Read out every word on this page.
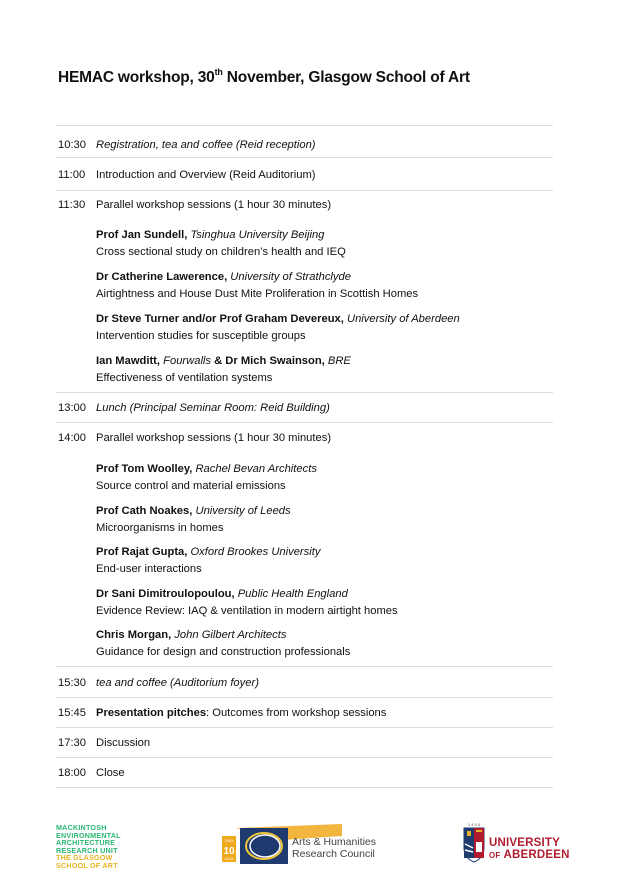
HEMAC workshop, 30th November, Glasgow School of Art
10:30 Registration, tea and coffee (Reid reception)
11:00 Introduction and Overview (Reid Auditorium)
11:30 Parallel workshop sessions (1 hour 30 minutes)
Prof Jan Sundell, Tsinghua University Beijing
Cross sectional study on children’s health and IEQ
Dr Catherine Lawerence, University of Strathclyde
Airtightness and House Dust Mite Proliferation in Scottish Homes
Dr Steve Turner and/or Prof Graham Devereux, University of Aberdeen
Intervention studies for susceptible groups
Ian Mawditt, Fourwalls & Dr Mich Swainson, BRE
Effectiveness of ventilation systems
13:00 Lunch (Principal Seminar Room: Reid Building)
14:00 Parallel workshop sessions (1 hour 30 minutes)
Prof Tom Woolley, Rachel Bevan Architects
Source control and material emissions
Prof Cath Noakes, University of Leeds
Microorganisms in homes
Prof Rajat Gupta, Oxford Brookes University
End-user interactions
Dr Sani Dimitroulopoulou, Public Health England
Evidence Review: IAQ & ventilation in modern airtight homes
Chris Morgan, John Gilbert Architects
Guidance for design and construction professionals
15:30 tea and coffee (Auditorium foyer)
15:45 Presentation pitches: Outcomes from workshop sessions
17:30 Discussion
18:00 Close
MACKINTOSH
ENVIRONMENTAL
ARCHITECTURE
RESEARCH UNIT
THE GLASGOW
SCHOOL OF ART
2005
10
2015
Arts & Humanities
Research Council
1 4 9 5
UNIVERSITY
OF ABERDEEN
